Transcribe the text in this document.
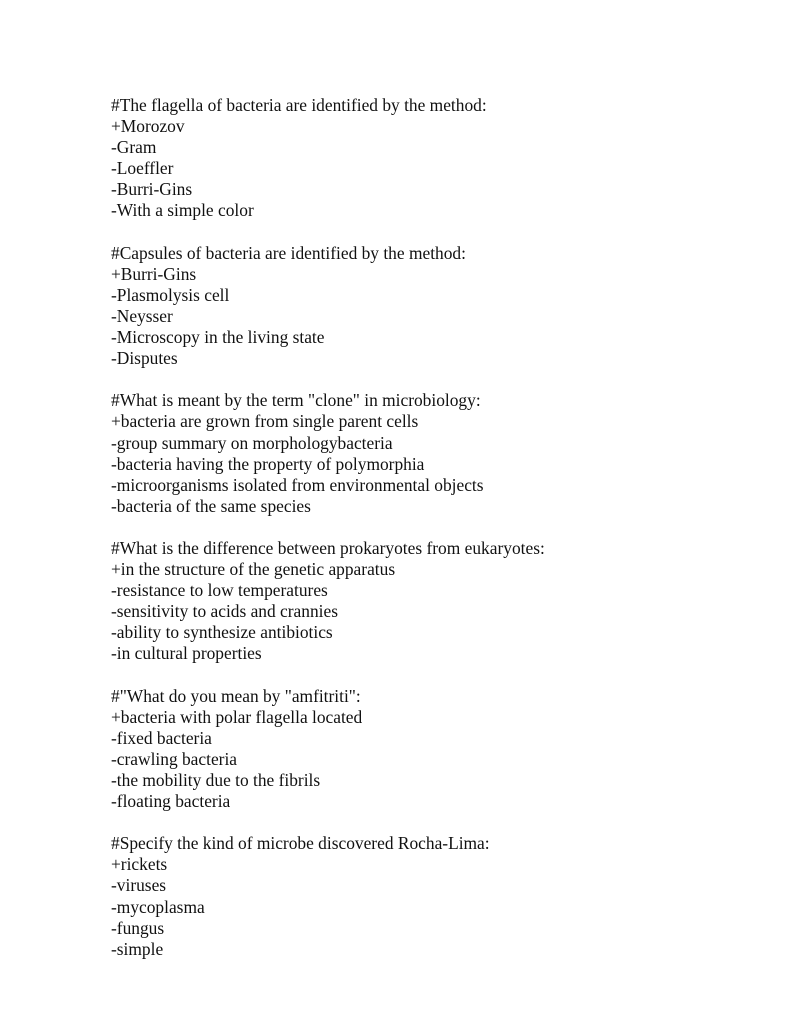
#The flagella of bacteria are identified by the method:
+Morozov
-Gram
-Loeffler
-Burri-Gins
-With a simple color
#Capsules of bacteria are identified by the method:
+Burri-Gins
-Plasmolysis cell
-Neysser
-Microscopy in the living state
-Disputes
#What is meant by the term "clone" in microbiology:
+bacteria are grown from single parent cells
-group summary on morphologybacteria
-bacteria having the property of polymorphia
-microorganisms isolated from environmental objects
-bacteria of the same species
#What is the difference between prokaryotes from eukaryotes:
+in the structure of the genetic apparatus
-resistance to low temperatures
-sensitivity to acids and crannies
-ability to synthesize antibiotics
-in cultural properties
#"What do you mean by "amfitriti":
+bacteria with polar flagella located
-fixed bacteria
-crawling bacteria
-the mobility due to the fibrils
-floating bacteria
#Specify the kind of microbe discovered Rocha-Lima:
+rickets
-viruses
-mycoplasma
-fungus
-simple
